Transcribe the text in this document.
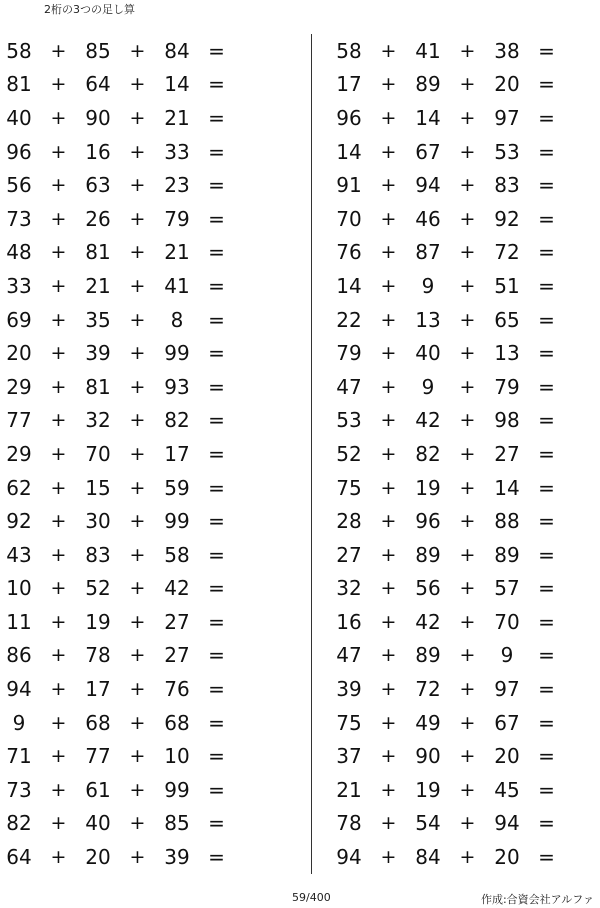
2桁の3つの足し算
58 + 85 + 84 =
81 + 64 + 14 =
40 + 90 + 21 =
96 + 16 + 33 =
56 + 63 + 23 =
73 + 26 + 79 =
48 + 81 + 21 =
33 + 21 + 41 =
69 + 35 +	8	=
20 + 39 + 99 =
29 + 81 + 93 =
77 + 32 + 82 =
29 + 70 + 17 =
62 + 15 + 59 =
92 + 30 + 99 =
43 + 83 + 58 =
10 + 52 + 42 =
11 + 19 + 27 =
86 + 78 + 27 =
94 + 17 + 76 =
9	+ 68 + 68 =
71 + 77 + 10 =
73 + 61 + 99 =
82 + 40 + 85 =
64 + 20 + 39 =
58 + 41 + 38 =
17 + 89 + 20 =
96 + 14 + 97 =
14 + 67 + 53 =
91 + 94 + 83 =
70 + 46 + 92 =
76 + 87 + 72 =
14 +	9	+ 51 =
22 + 13 + 65 =
79 + 40 + 13 =
47 +	9	+ 79 =
53 + 42 + 98 =
52 + 82 + 27 =
75 + 19 + 14 =
28 + 96 + 88 =
27 + 89 + 89 =
32 + 56 + 57 =
16 + 42 + 70 =
47 + 89 +	9	=
39 + 72 + 97 =
75 + 49 + 67 =
37 + 90 + 20 =
21 + 19 + 45 =
78 + 54 + 94 =
94 + 84 + 20 =
59/400	作成:合資会社アルファ
